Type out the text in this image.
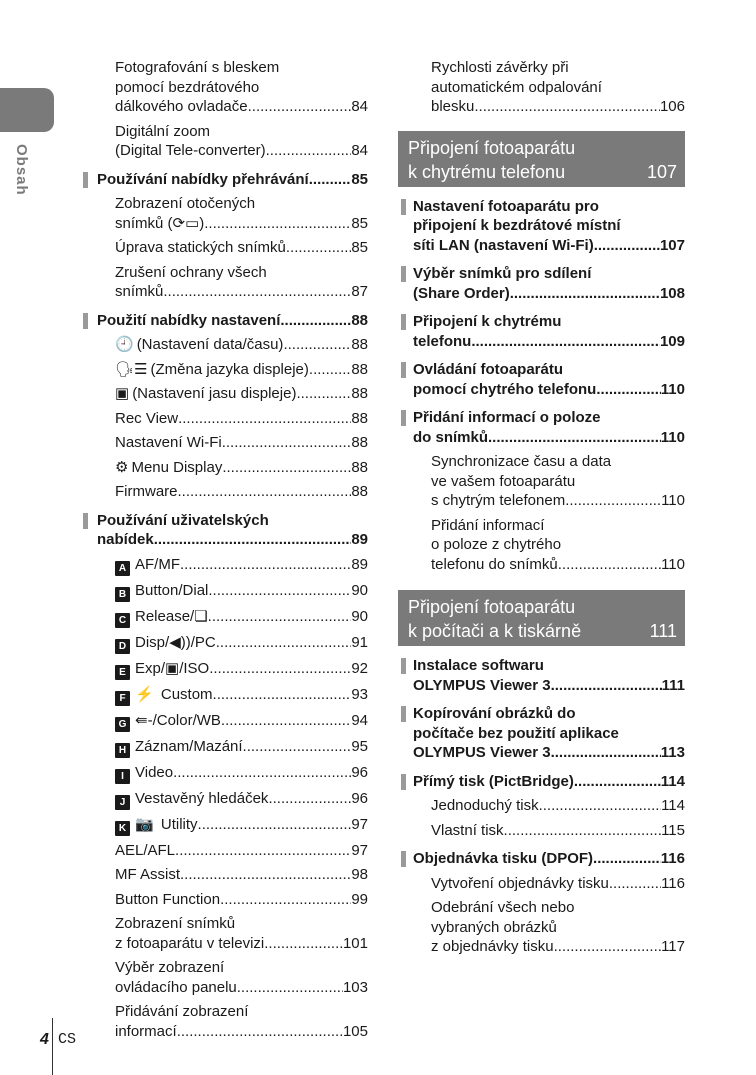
Obsah
Fotografování s bleskem
pomocí bezdrátového
dálkového ovladače .....	84
Digitální zoom
(Digital Tele-converter) .....	84
Používání nabídky přehrávání .....	85
Zobrazení otočených
snímků (⟳▭) .....	85
Úprava statických snímků .....	85
Zrušení ochrany všech
snímků .....	87
Použití nabídky nastavení .....	88
🕘 (Nastavení data/času) .....	88
🗣☰ (Změna jazyka displeje) .....	88
▣ (Nastavení jasu displeje) .....	88
Rec View .....	88
Nastavení Wi-Fi .....	88
⚙ Menu Display .....	88
Firmware .....	88
Používání uživatelských
nabídek .....	89
A AF/MF .....	89
B Button/Dial .....	90
C Release/❏ .....	90
D Disp/◀))/PC .....	91
E Exp/▣/ISO .....	92
F ⚡ Custom .....	93
G ⇚-/Color/WB .....	94
H Záznam/Mazání .....	95
I Video .....	96
J Vestavěný hledáček .....	96
K 📷 Utility .....	97
AEL/AFL .....	97
MF Assist .....	98
Button Function .....	99
Zobrazení snímků
z fotoaparátu v televizi .....	101
Výběr zobrazení
ovládacího panelu .....	103
Přidávání zobrazení
informací .....	105
Rychlosti závěrky při
automatickém odpalování
blesku .....	106
Připojení fotoaparátu
k chytrému telefonu	107
Nastavení fotoaparátu pro
připojení k bezdrátové místní
síti LAN (nastavení Wi-Fi) .....	107
Výběr snímků pro sdílení
(Share Order) .....	108
Připojení k chytrému
telefonu .....	109
Ovládání fotoaparátu
pomocí chytrého telefonu .....	110
Přidání informací o poloze
do snímků .....	110
Synchronizace času a data
ve vašem fotoaparátu
s chytrým telefonem .....	110
Přidání informací
o poloze z chytrého
telefonu do snímků .....	110
Připojení fotoaparátu
k počítači a k tiskárně	111
Instalace softwaru
OLYMPUS Viewer 3 .....	111
Kopírování obrázků do
počítače bez použití aplikace
OLYMPUS Viewer 3 .....	113
Přímý tisk (PictBridge) .....	114
Jednoduchý tisk .....	114
Vlastní tisk .....	115
Objednávka tisku (DPOF) .....	116
Vytvoření objednávky tisku .....	116
Odebrání všech nebo
vybraných obrázků
z objednávky tisku .....	117
4 CS
